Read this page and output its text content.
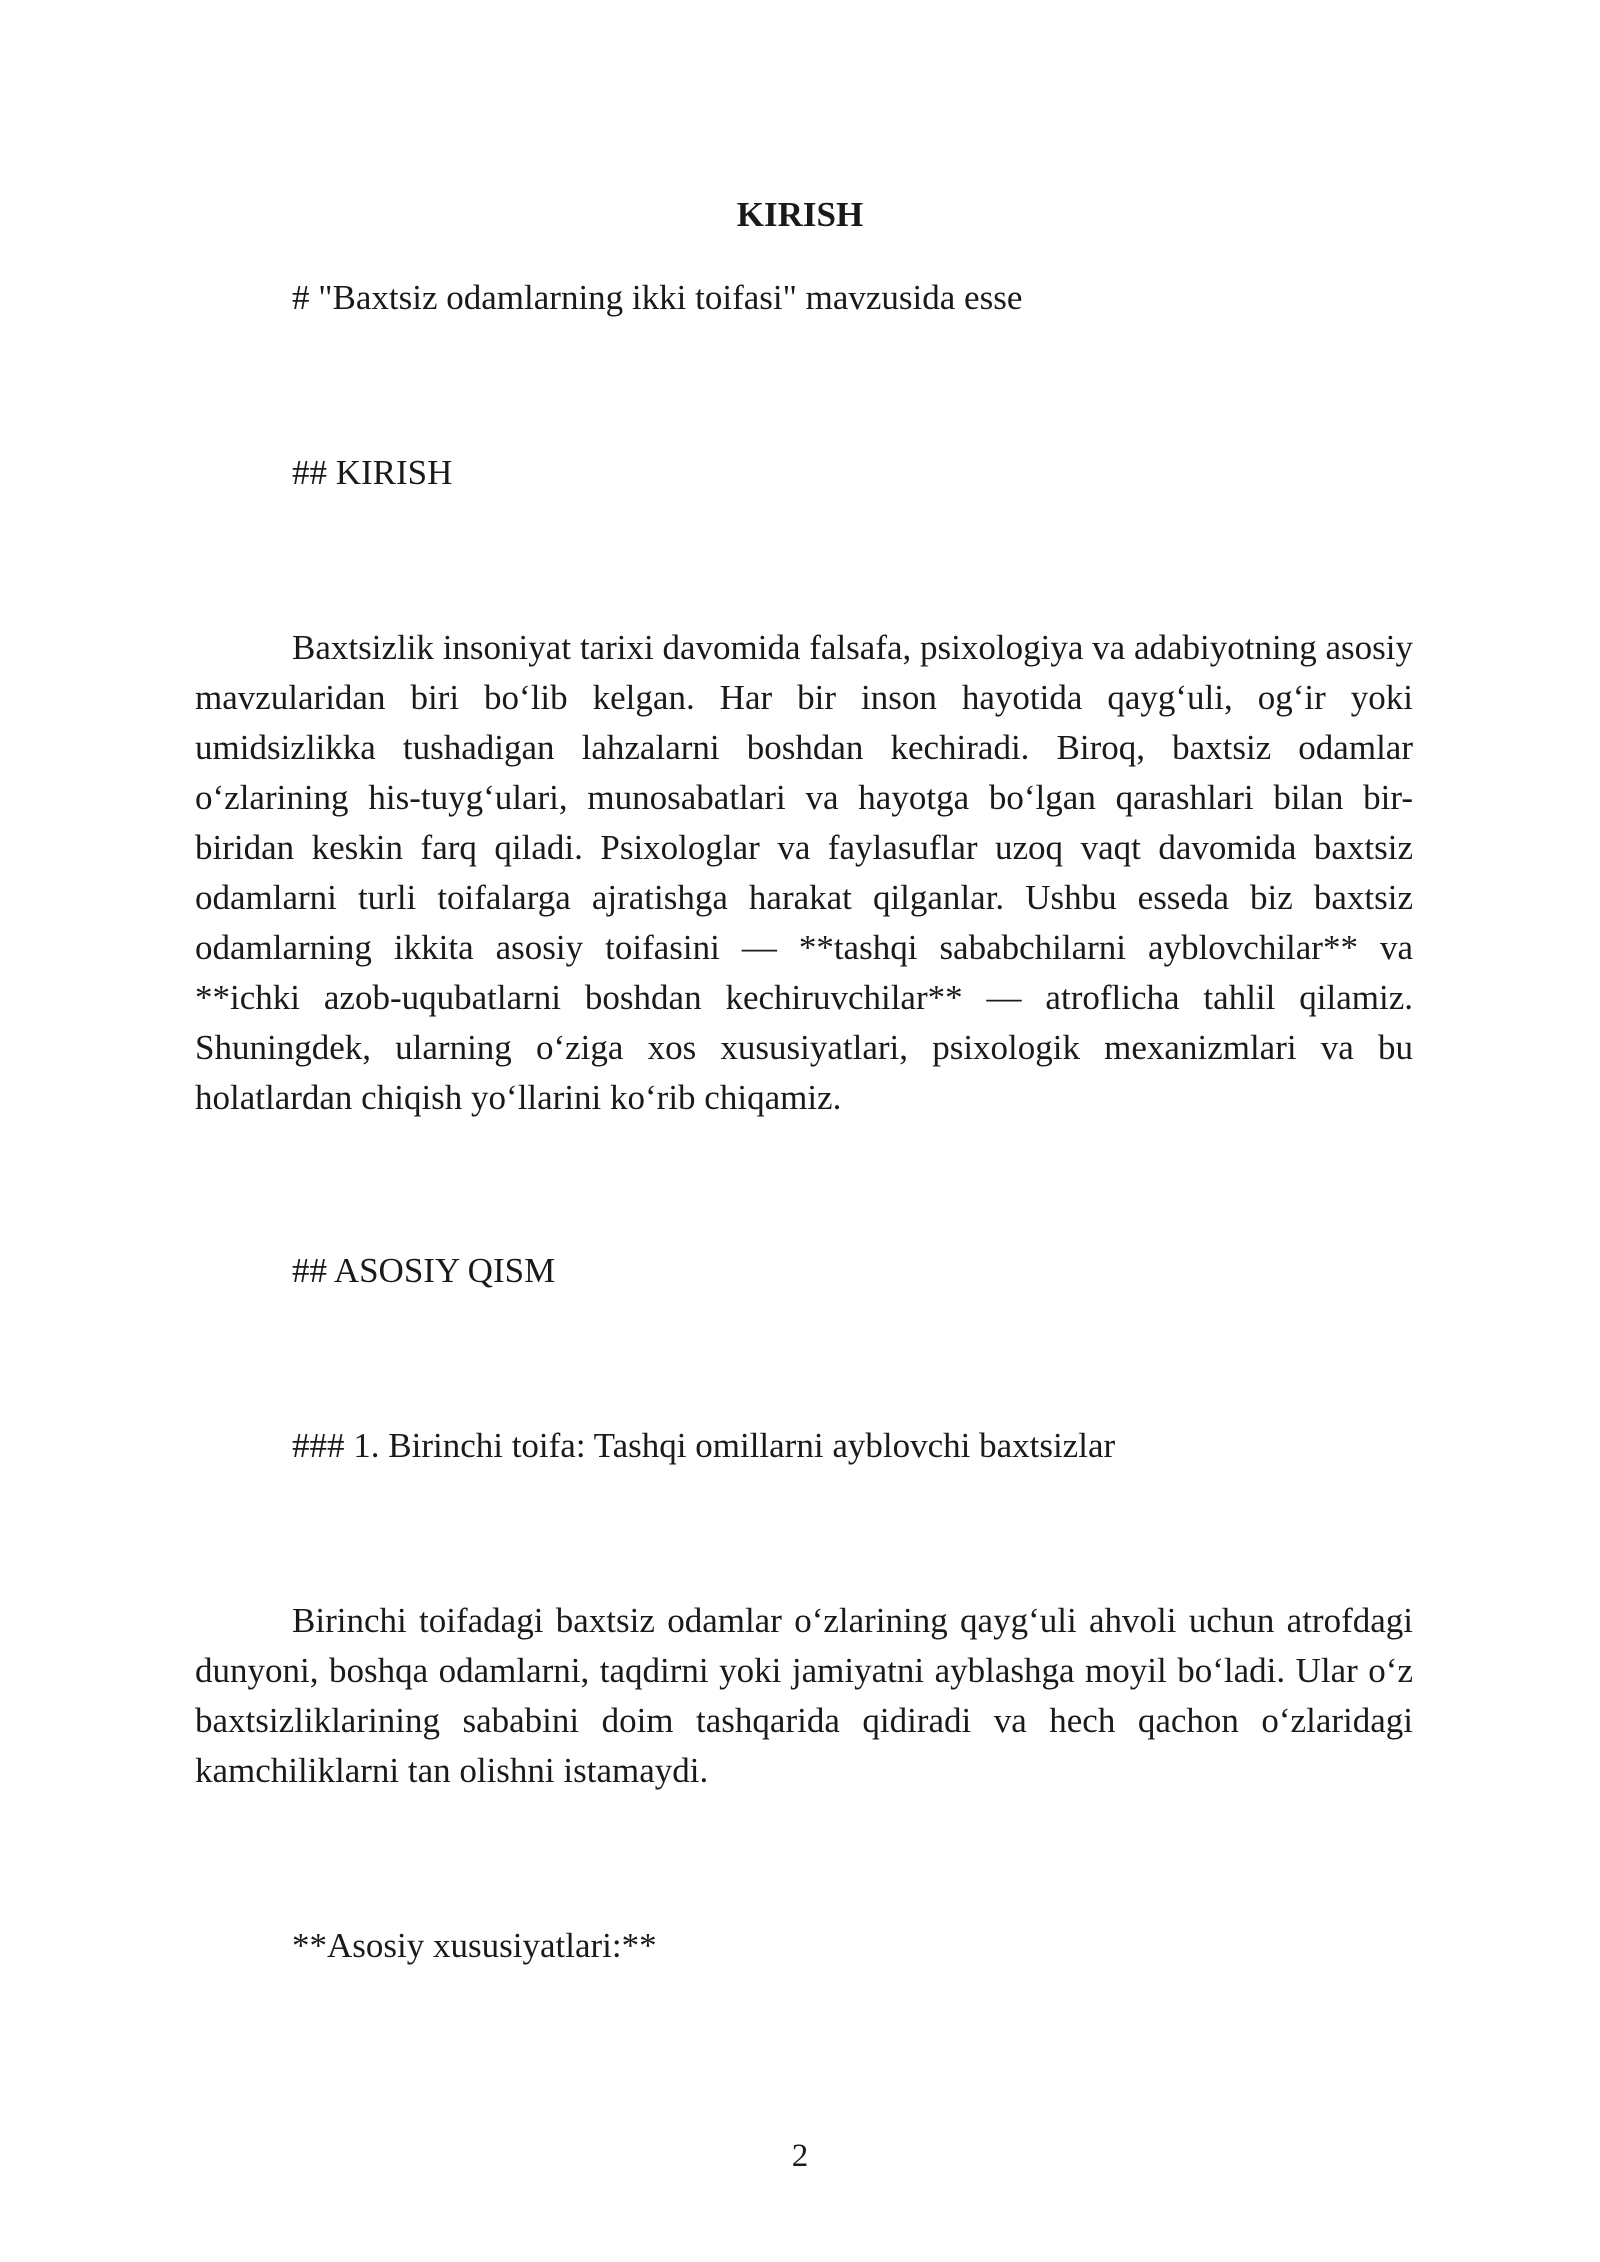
KIRISH

# "Baxtsiz odamlarning ikki toifasi" mavzusida esse

## KIRISH

Baxtsizlik insoniyat tarixi davomida falsafa, psixologiya va adabiyotning asosiy mavzularidan biri bo‘lib kelgan. Har bir inson hayotida qayg‘uli, og‘ir yoki umidsizlikka tushadigan lahzalarni boshdan kechiradi. Biroq, baxtsiz odamlar o‘zlarining his-tuyg‘ulari, munosabatlari va hayotga bo‘lgan qarashlari bilan bir-biridan keskin farq qiladi. Psixologlar va faylasuflar uzoq vaqt davomida baxtsiz odamlarni turli toifalarga ajratishga harakat qilganlar. Ushbu esseda biz baxtsiz odamlarning ikkita asosiy toifasini — **tashqi sababchilarni ayblovchilar** va **ichki azob-uqubatlarni boshdan kechiruvchilar** — atroflicha tahlil qilamiz. Shuningdek, ularning o‘ziga xos xususiyatlari, psixologik mexanizmlari va bu holatlardan chiqish yo‘llarini ko‘rib chiqamiz.

## ASOSIY QISM

### 1. Birinchi toifa: Tashqi omillarni ayblovchi baxtsizlar

Birinchi toifadagi baxtsiz odamlar o‘zlarining qayg‘uli ahvoli uchun atrofdagi dunyoni, boshqa odamlarni, taqdirni yoki jamiyatni ayblashga moyil bo‘ladi. Ular o‘z baxtsizliklarining sababini doim tashqarida qidiradi va hech qachon o‘zlaridagi kamchiliklarni tan olishni istamaydi.

**Asosiy xususiyatlari:**

2
